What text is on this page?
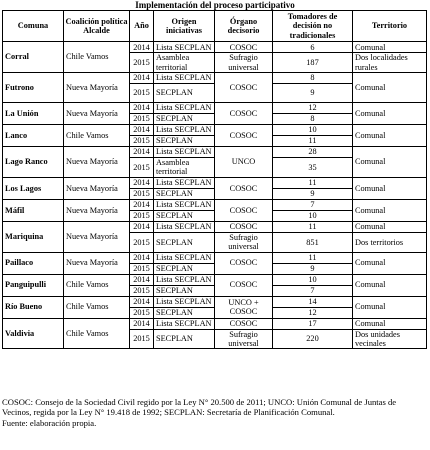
Implementación del proceso participativo
Comuna	Coalición política Alcalde	Año	Origen iniciativas	Órgano decisorio	Tomadores de decisión no tradicionales	Territorio
Corral	Chile Vamos	2014	Lista SECPLAN	COSOC	6	Comunal
		2015	Asamblea territorial	Sufragio universal	187	Dos localidades rurales
Futrono	Nueva Mayoría	2014	Lista SECPLAN	COSOC	8	Comunal
		2015	SECPLAN		9	
La Unión	Nueva Mayoría	2014	Lista SECPLAN	COSOC	12	Comunal
		2015	SECPLAN		8	
Lanco	Chile Vamos	2014	Lista SECPLAN	COSOC	10	Comunal
		2015	SECPLAN		11	
Lago Ranco	Nueva Mayoría	2014	Lista SECPLAN	UNCO	28	Comunal
		2015	Asamblea territorial		35	
Los Lagos	Nueva Mayoría	2014	Lista SECPLAN	COSOC	11	Comunal
		2015	SECPLAN		9	
Máfil	Nueva Mayoría	2014	Lista SECPLAN	COSOC	7	Comunal
		2015	SECPLAN		10	
Mariquina	Nueva Mayoría	2014	Lista SECPLAN	COSOC	11	Comunal
		2015	SECPLAN	Sufragio universal	851	Dos territorios
Paillaco	Nueva Mayoría	2014	Lista SECPLAN	COSOC	11	Comunal
		2015	SECPLAN		9	
Panguipulli	Chile Vamos	2014	Lista SECPLAN	COSOC	10	Comunal
		2015	SECPLAN		7	
Río Bueno	Chile Vamos	2014	Lista SECPLAN	UNCO + COSOC	14	Comunal
		2015	SECPLAN		12	
Valdivia	Chile Vamos	2014	Lista SECPLAN	COSOC	17	Comunal
		2015	SECPLAN	Sufragio universal	220	Dos unidades vecinales
COSOC: Consejo de la Sociedad Civil regido por la Ley N° 20.500 de 2011; UNCO: Unión Comunal de Juntas de Vecinos, regida por la Ley N° 19.418 de 1992; SECPLAN: Secretaría de Planificación Comunal.
Fuente: elaboración propia.
